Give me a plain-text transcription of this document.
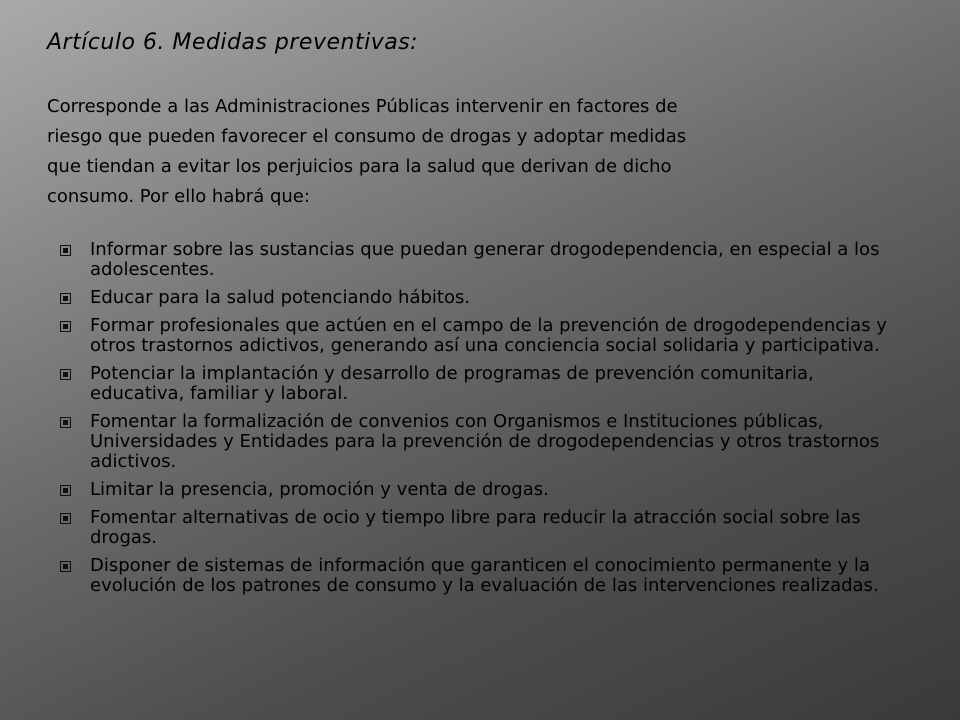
Artículo 6. Medidas preventivas:
Corresponde a las Administraciones Públicas intervenir en factores de
riesgo que pueden favorecer el consumo de drogas y adoptar medidas
que tiendan a evitar los perjuicios para la salud que derivan de dicho
consumo. Por ello habrá que:
Informar sobre las sustancias que puedan generar drogodependencia, en especial a los adolescentes.
Educar para la salud potenciando hábitos.
Formar profesionales que actúen en el campo de la prevención de drogodependencias y otros trastornos adictivos, generando así una conciencia social solidaria y participativa.
Potenciar la implantación y desarrollo de programas de prevención comunitaria, educativa, familiar y laboral.
Fomentar la formalización de convenios con Organismos e Instituciones públicas, Universidades y Entidades para la prevención de drogodependencias y otros trastornos adictivos.
Limitar la presencia, promoción y venta de drogas.
Fomentar alternativas de ocio y tiempo libre para reducir la atracción social sobre las drogas.
Disponer de sistemas de información que garanticen el conocimiento permanente y la evolución de los patrones de consumo y la evaluación de las intervenciones realizadas.
